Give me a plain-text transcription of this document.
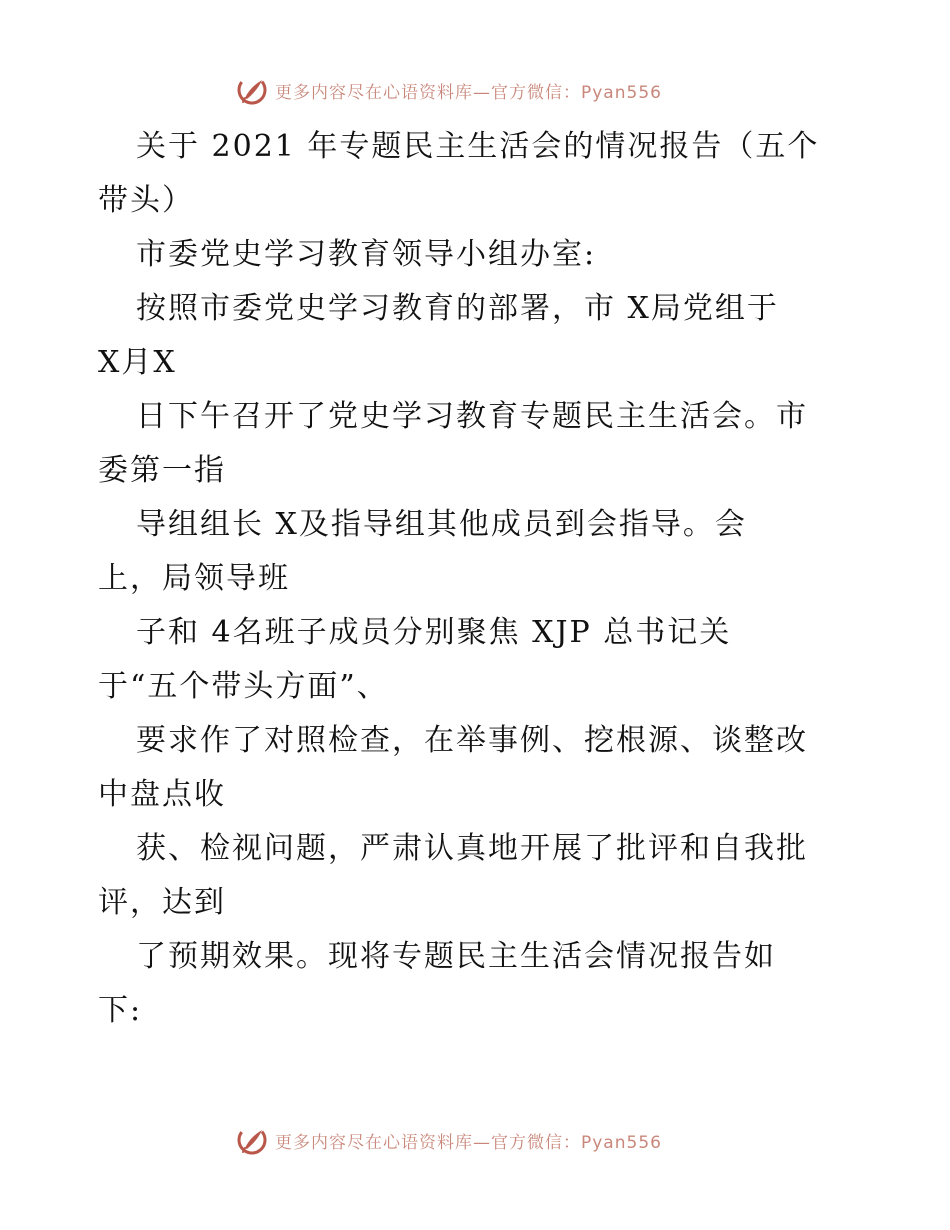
更多内容尽在心语资料库—官方微信：Pyan556
关于 2021 年专题民主生活会的情况报告（五个
带头）
市委党史学习教育领导小组办室:
按照市委党史学习教育的部署，市 X局党组于
X月X
日下午召开了党史学习教育专题民主生活会。市
委第一指
导组组长 X及指导组其他成员到会指导。会
上，局领导班
子和 4名班子成员分别聚焦 XJP 总书记关
于“五个带头方面”、
要求作了对照检查，在举事例、挖根源、谈整改
中盘点收
获、检视问题，严肃认真地开展了批评和自我批
评，达到
了预期效果。现将专题民主生活会情况报告如
下:
更多内容尽在心语资料库—官方微信：Pyan556
